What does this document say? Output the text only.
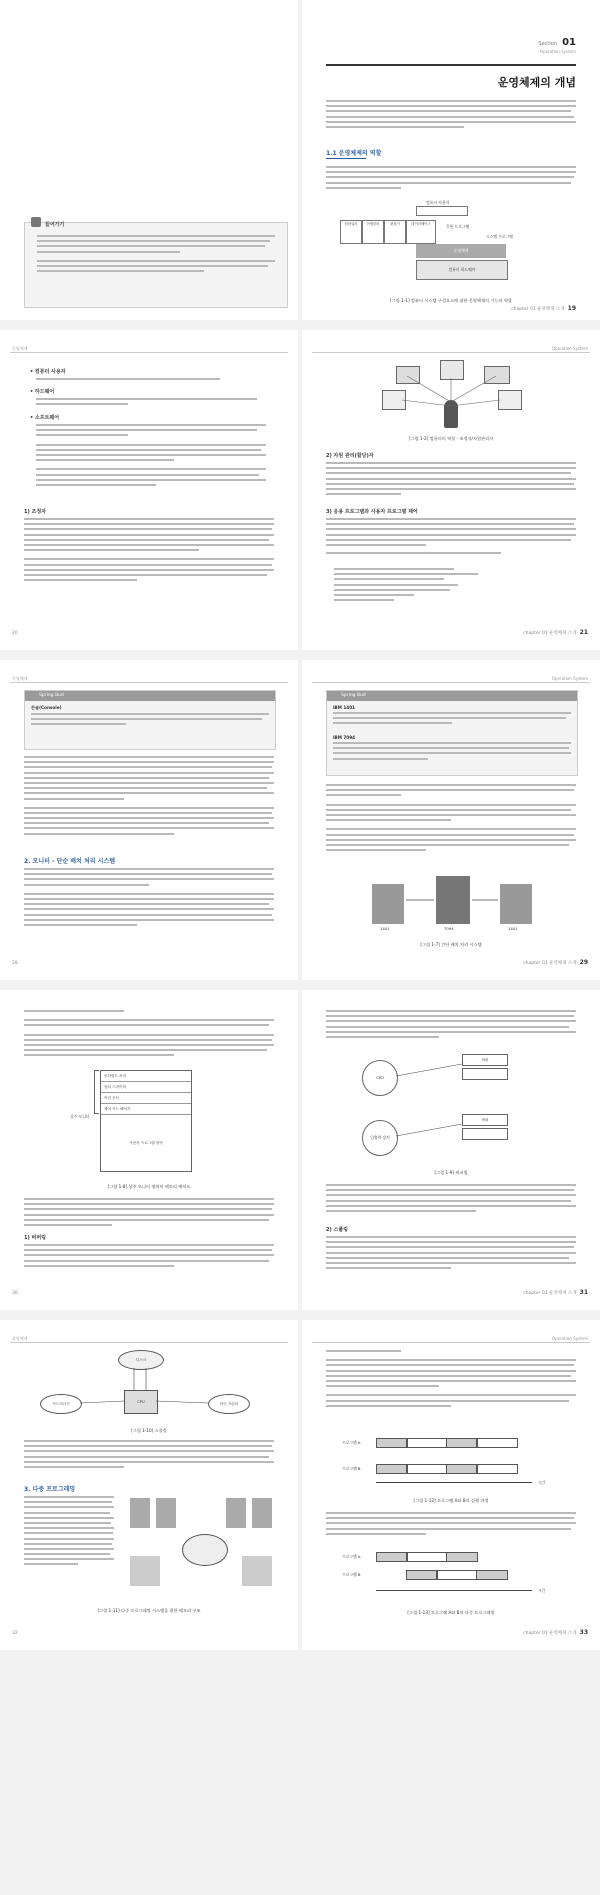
들어가기
Section 01
Operation System
운영체제의 개념
1.1 운영체제의 역할
컴퓨터 사용자
컴파일러	어셈블러	편집기	데이터베이스	응용 프로그램
시스템 프로그램
운영체제
컴퓨터 하드웨어
[그림 1-1] 컴퓨터 시스템 구성요소에 대한 운영체제의 기능과 역할
chapter 01 운영체제 소개 19
운영체제
• 컴퓨터 사용자
• 하드웨어
• 소프트웨어
1) 조정자
20
Operation System
[그림 1-2] 컴퓨터의 역할 - 조정자/자원관리자
2) 자원 관리(할당)자
3) 응용 프로그램과 사용자 프로그램 제어
chapter 01 운영체제 소개 21
운영체제
Spring Bud
콘솔(Console)
2. 모니터 - 단순 배치 처리 시스템
28
Operation System
Spring Bud
IBM 1401
IBM 7094
1401	7094	1401
[그림 1-7] 간단 배치 처리 시스템
chapter 01 운영체제 소개 29
상주 모니터
인터럽트 처리
장치 드라이버
작업 순서
제어 카드 해석기
사용자 프로그램 영역
[그림 1-8] 상주 모니터 영역의 메모리 배치도
1) 버퍼링
30
CPU
버퍼
입출력 장치
버퍼
[그림 1-9] 버퍼링
2) 스풀링
chapter 01 운영체제 소개 31
운영체제
디스크
카드리더기	CPU	라인 프린터
[그림 1-10] 스풀링
3. 다중 프로그래밍
[그림 1-11] 다중 프로그래밍 시스템을 위한 메모리 구조
32
Operation System
프로그램 A
프로그램 B
시간
[그림 1-12] 프로그램 A와 B의 실행 과정
프로그램 A
프로그램 B
시간
[그림 1-13] 프로그램 A와 B의 다중 프로그래밍
chapter 01 운영체제 소개 33
